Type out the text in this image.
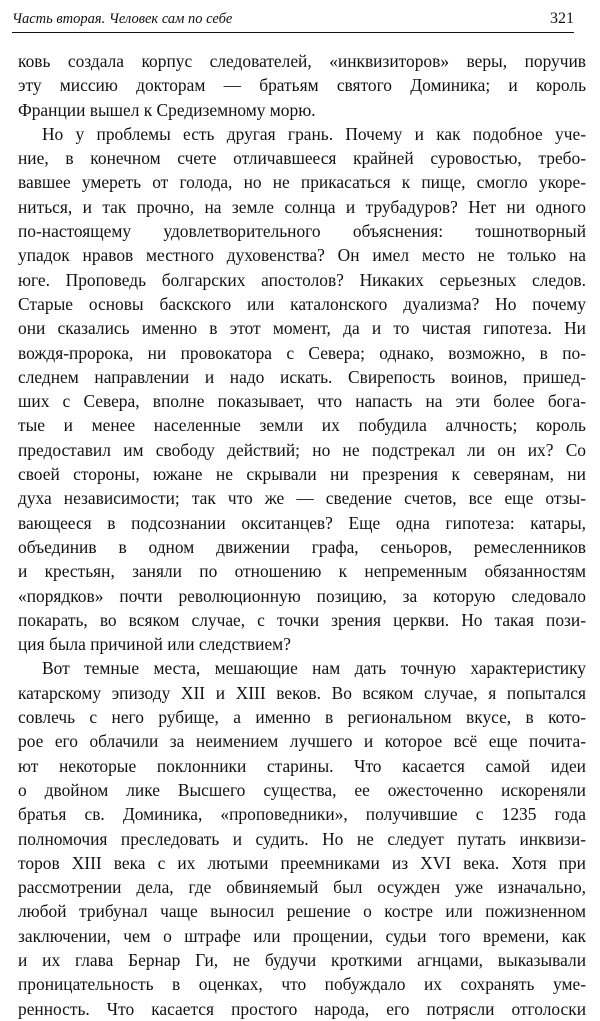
Часть вторая. Человек сам по себе	321
ковь создала корпус следователей, «инквизиторов» веры, поручив
эту миссию докторам — братьям святого Доминика; и король
Франции вышел к Средиземному морю.
Но у проблемы есть другая грань. Почему и как подобное уче-
ние, в конечном счете отличавшееся крайней суровостью, требо-
вавшее умереть от голода, но не прикасаться к пище, смогло укоре-
ниться, и так прочно, на земле солнца и трубадуров? Нет ни одного
по-настоящему удовлетворительного объяснения: тошнотворный
упадок нравов местного духовенства? Он имел место не только на
юге. Проповедь болгарских апостолов? Никаких серьезных следов.
Старые основы баскского или каталонского дуализма? Но почему
они сказались именно в этот момент, да и то чистая гипотеза. Ни
вождя-пророка, ни провокатора с Севера; однако, возможно, в по-
следнем направлении и надо искать. Свирепость воинов, пришед-
ших с Севера, вполне показывает, что напасть на эти более бога-
тые и менее населенные земли их побудила алчность; король
предоставил им свободу действий; но не подстрекал ли он их? Со
своей стороны, южане не скрывали ни презрения к северянам, ни
духа независимости; так что же — сведение счетов, все еще отзы-
вающееся в подсознании окситанцев? Еще одна гипотеза: катары,
объединив в одном движении графа, сеньоров, ремесленников
и крестьян, заняли по отношению к непременным обязанностям
«порядков» почти революционную позицию, за которую следовало
покарать, во всяком случае, с точки зрения церкви. Но такая пози-
ция была причиной или следствием?
Вот темные места, мешающие нам дать точную характеристику
катарскому эпизоду XII и XIII веков. Во всяком случае, я попытался
совлечь с него рубище, а именно в региональном вкусе, в кото-
рое его облачили за неимением лучшего и которое всё еще почита-
ют некоторые поклонники старины. Что касается самой идеи
о двойном лике Высшего существа, ее ожесточенно искореняли
братья св. Доминика, «проповедники», получившие с 1235 года
полномочия преследовать и судить. Но не следует путать инквизи-
торов XIII века с их лютыми преемниками из XVI века. Хотя при
рассмотрении дела, где обвиняемый был осужден уже изначально,
любой трибунал чаще выносил решение о костре или пожизненном
заключении, чем о штрафе или прощении, судьи того времени, как
и их глава Бернар Ги, не будучи кроткими агнцами, выказывали
проницательность в оценках, что побуждало их сохранять уме-
ренность. Что касается простого народа, его потрясли отголоски
